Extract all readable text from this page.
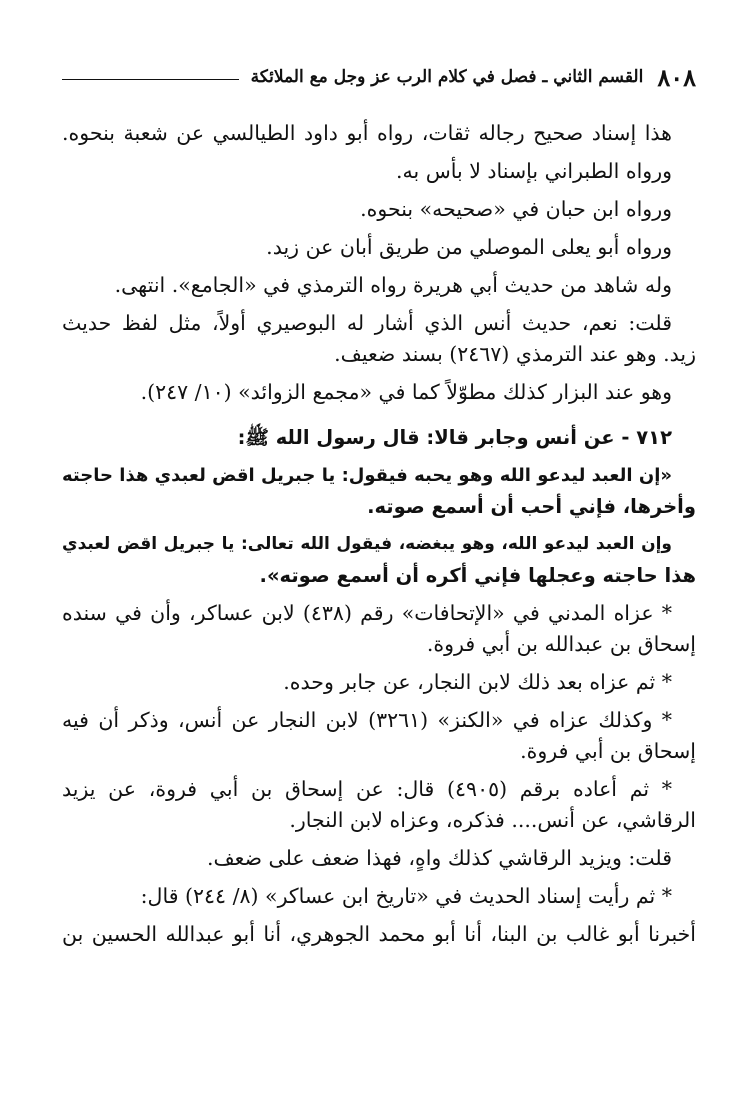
٨٠٨
القسم الثاني ـ فصل في كلام الرب عز وجل مع الملائكة
هذا إسناد صحيح رجاله ثقات، رواه أبو داود الطيالسي عن شعبة بنحوه.
ورواه الطبراني بإسناد لا بأس به.
ورواه ابن حبان في «صحيحه» بنحوه.
ورواه أبو يعلى الموصلي من طريق أبان عن زيد.
وله شاهد من حديث أبي هريرة رواه الترمذي في «الجامع». انتهى.
قلت: نعم، حديث أنس الذي أشار له البوصيري أولاً، مثل لفظ حديث
زيد. وهو عند الترمذي (٢٤٦٧) بسند ضعيف.
وهو عند البزار كذلك مطوّلاً كما في «مجمع الزوائد» (١٠/ ٢٤٧).
٧١٢ - عن أنس وجابر قالا: قال رسول الله ﷺ:
«إن العبد ليدعو الله وهو يحبه فيقول: يا جبريل اقض لعبدي هذا حاجته
وأخرها، فإني أحب أن أسمع صوته.
وإن العبد ليدعو الله، وهو يبغضه، فيقول الله تعالى: يا جبريل اقض لعبدي
هذا حاجته وعجلها فإني أكره أن أسمع صوته».
* عزاه المدني في «الإتحافات» رقم (٤٣٨) لابن عساكر، وأن في سنده
إسحاق بن عبدالله بن أبي فروة.
* ثم عزاه بعد ذلك لابن النجار، عن جابر وحده.
* وكذلك عزاه في «الكنز» (٣٢٦١) لابن النجار عن أنس، وذكر أن فيه
إسحاق بن أبي فروة.
* ثم أعاده برقم (٤٩٠٥) قال: عن إسحاق بن أبي فروة، عن يزيد
الرقاشي، عن أنس.... فذكره، وعزاه لابن النجار.
قلت: ويزيد الرقاشي كذلك واهٍ، فهذا ضعف على ضعف.
* ثم رأيت إسناد الحديث في «تاريخ ابن عساكر» (٨/ ٢٤٤) قال:
أخبرنا أبو غالب بن البنا، أنا أبو محمد الجوهري، أنا أبو عبدالله الحسين بن
